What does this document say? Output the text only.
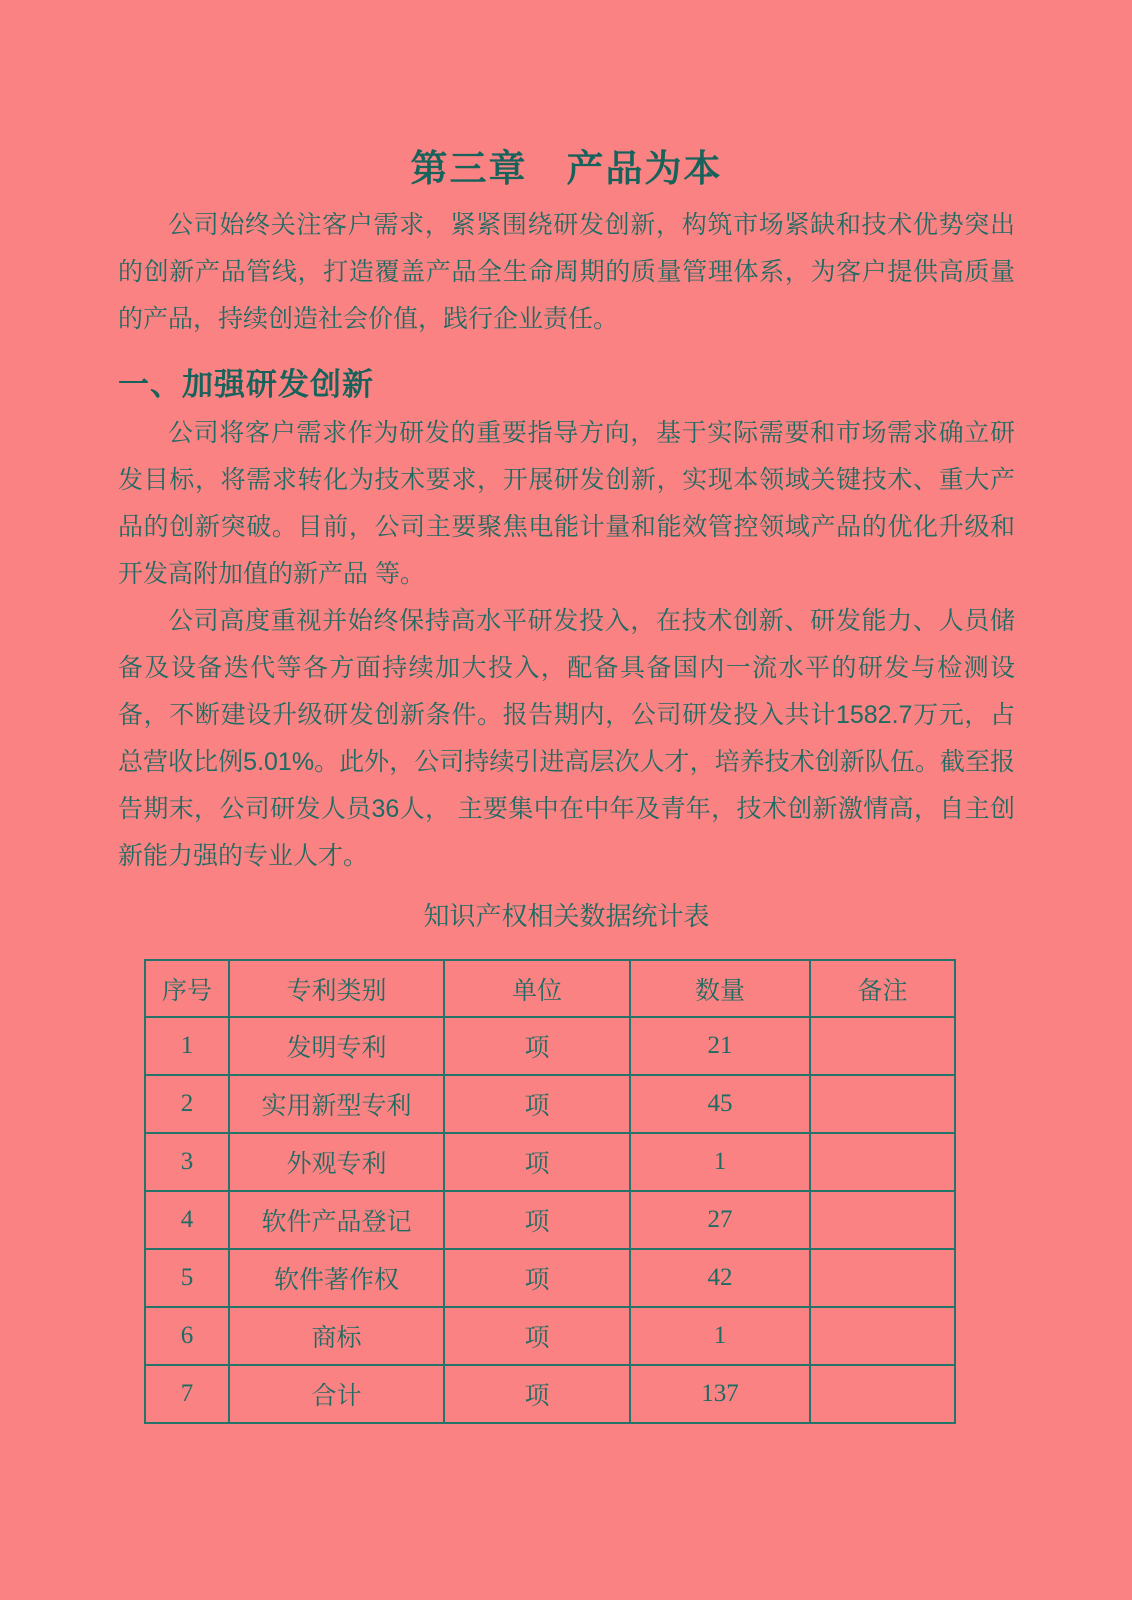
第三章　产品为本

公司始终关注客户需求，紧紧围绕研发创新，构筑市场紧缺和技术优势突出的创新产品管线，打造覆盖产品全生命周期的质量管理体系，为客户提供高质量的产品，持续创造社会价值，践行企业责任。

一、加强研发创新

公司将客户需求作为研发的重要指导方向，基于实际需要和市场需求确立研发目标，将需求转化为技术要求，开展研发创新，实现本领域关键技术、重大产品的创新突破。目前，公司主要聚焦电能计量和能效管控领域产品的优化升级和开发高附加值的新产品 等。

公司高度重视并始终保持高水平研发投入，在技术创新、研发能力、人员储备及设备迭代等各方面持续加大投入，配备具备国内一流水平的研发与检测设备，不断建设升级研发创新条件。报告期内，公司研发投入共计1582.7万元，占总营收比例5.01%。此外，公司持续引进高层次人才，培养技术创新队伍。截至报告期末，公司研发人员36人， 主要集中在中年及青年，技术创新激情高，自主创新能力强的专业人才。

知识产权相关数据统计表
序号	专利类别	单位	数量	备注
1	发明专利	项	21	
2	实用新型专利	项	45	
3	外观专利	项	1	
4	软件产品登记	项	27	
5	软件著作权	项	42	
6	商标	项	1	
7	合计	项	137	
